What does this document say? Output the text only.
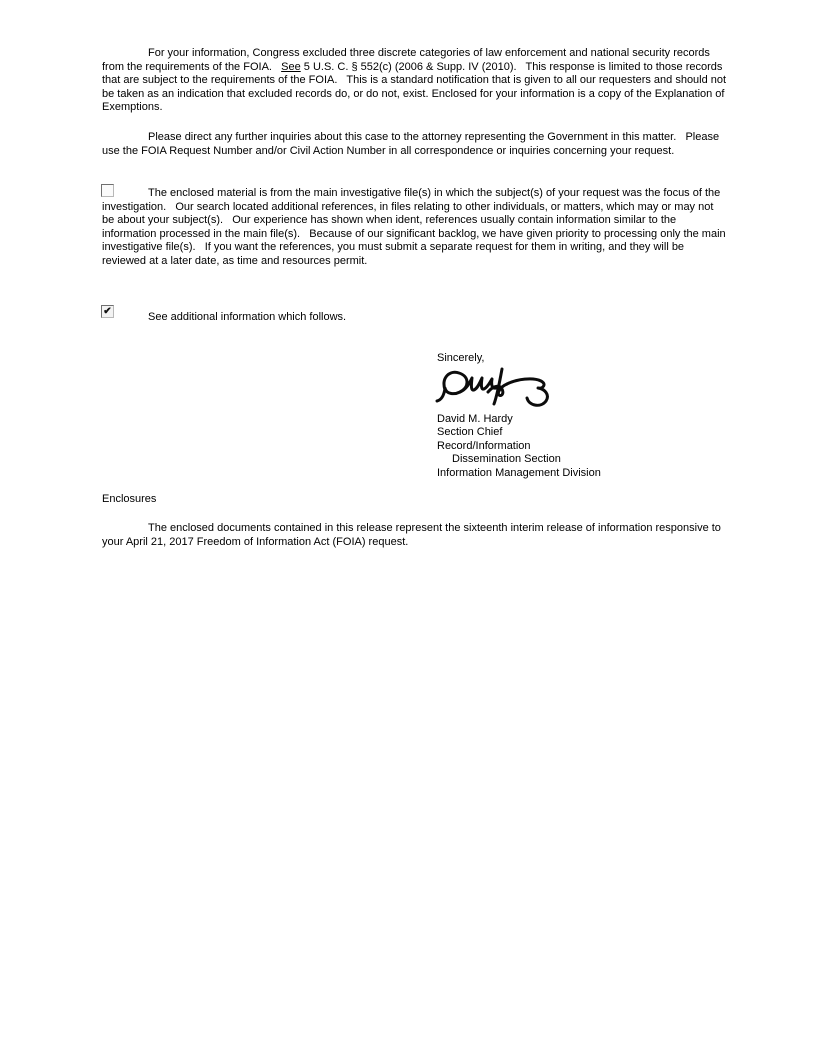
For your information, Congress excluded three discrete categories of law enforcement and national security records from the requirements of the FOIA.   See 5 U.S. C. § 552(c) (2006 & Supp. IV (2010).   This response is limited to those records that are subject to the requirements of the FOIA.   This is a standard notification that is given to all our requesters and should not be taken as an indication that excluded records do, or do not, exist. Enclosed for your information is a copy of the Explanation of Exemptions.

Please direct any further inquiries about this case to the attorney representing the Government in this matter.   Please use the FOIA Request Number and/or Civil Action Number in all correspondence or inquiries concerning your request.

The enclosed material is from the main investigative file(s) in which the subject(s) of your request was the focus of the investigation.   Our search located additional references, in files relating to other individuals, or matters, which may or may not be about your subject(s).   Our experience has shown when ident, references usually contain information similar to the information processed in the main file(s).   Because of our significant backlog, we have given priority to processing only the main investigative file(s).   If you want the references, you must submit a separate request for them in writing, and they will be reviewed at a later date, as time and resources permit.

✔	See additional information which follows.

Sincerely,
David M. Hardy
Section Chief
Record/Information
Dissemination Section
Information Management Division
Enclosures

The enclosed documents contained in this release represent the sixteenth interim release of information responsive to your April 21, 2017 Freedom of Information Act (FOIA) request.
